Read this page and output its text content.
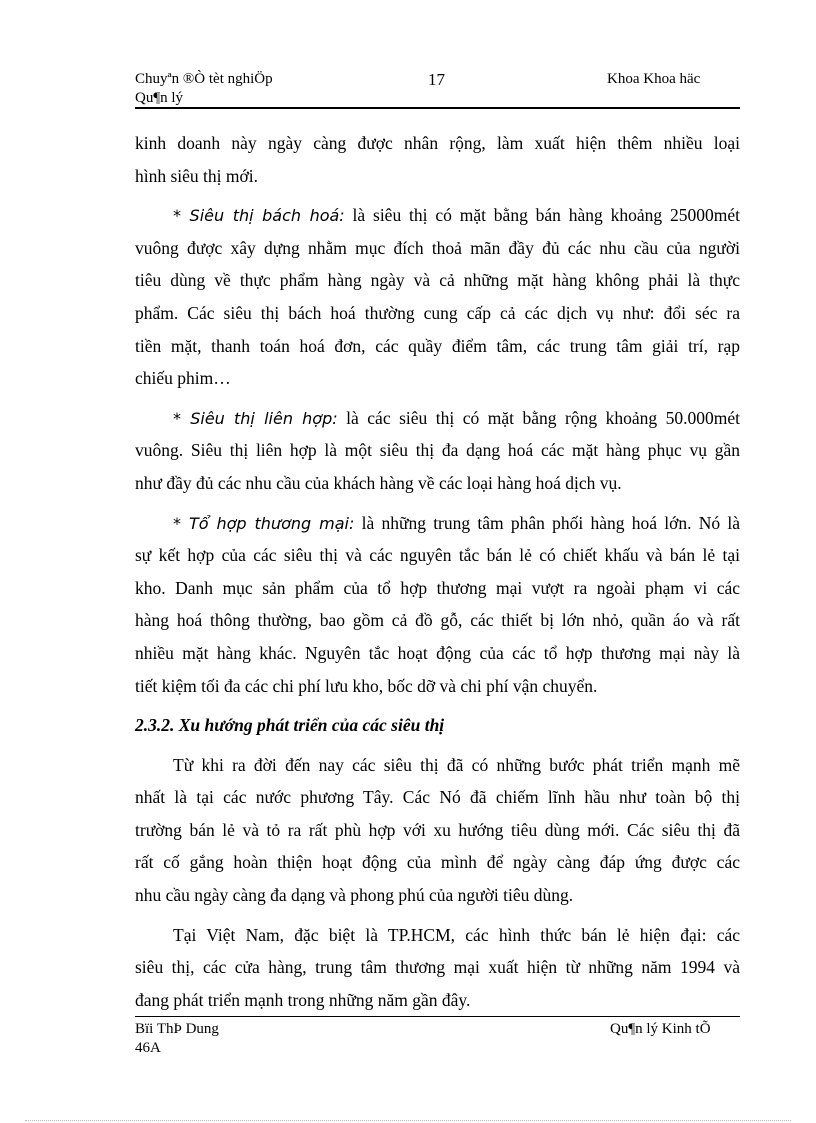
Chuyªn ®Ò tèt nghiÖp
Qu¶n lý
17	Khoa Khoa häc
kinh doanh này ngày càng được nhân rộng, làm xuất hiện thêm nhiều loại
hình siêu thị mới.
* Siêu thị bách hoá: là siêu thị có mặt bằng bán hàng khoảng 25000mét
vuông được xây dựng nhằm mục đích thoả mãn đầy đủ các nhu cầu của người
tiêu dùng về thực phẩm hàng ngày và cả những mặt hàng không phải là thực
phẩm. Các siêu thị bách hoá thường cung cấp cả các dịch vụ như: đổi séc ra
tiền mặt, thanh toán hoá đơn, các quầy điểm tâm, các trung tâm giải trí, rạp
chiếu phim…
* Siêu thị liên hợp: là các siêu thị có mặt bằng rộng khoảng 50.000mét
vuông. Siêu thị liên hợp là một siêu thị đa dạng hoá các mặt hàng phục vụ gần
như đầy đủ các nhu cầu của khách hàng về các loại hàng hoá dịch vụ.
* Tổ hợp thương mại: là những trung tâm phân phối hàng hoá lớn. Nó là
sự kết hợp của các siêu thị và các nguyên tắc bán lẻ có chiết khấu và bán lẻ tại
kho. Danh mục sản phẩm của tổ hợp thương mại vượt ra ngoài phạm vi các
hàng hoá thông thường, bao gồm cả đồ gỗ, các thiết bị lớn nhỏ, quần áo và rất
nhiều mặt hàng khác. Nguyên tắc hoạt động của các tổ hợp thương mại này là
tiết kiệm tối đa các chi phí lưu kho, bốc dỡ và chi phí vận chuyển.
2.3.2. Xu hướng phát triển của các siêu thị
Từ khi ra đời đến nay các siêu thị đã có những bước phát triển mạnh mẽ
nhất là tại các nước phương Tây. Các Nó đã chiếm lĩnh hầu như toàn bộ thị
trường bán lẻ và tỏ ra rất phù hợp với xu hướng tiêu dùng mới. Các siêu thị đã
rất cố gắng hoàn thiện hoạt động của mình để ngày càng đáp ứng được các
nhu cầu ngày càng đa dạng và phong phú của người tiêu dùng.
Tại Việt Nam, đặc biệt là TP.HCM, các hình thức bán lẻ hiện đại: các
siêu thị, các cửa hàng, trung tâm thương mại xuất hiện từ những năm 1994 và
đang phát triển mạnh trong những năm gần đây.
Bïi ThÞ Dung
46A
Qu¶n lý Kinh tÕ
